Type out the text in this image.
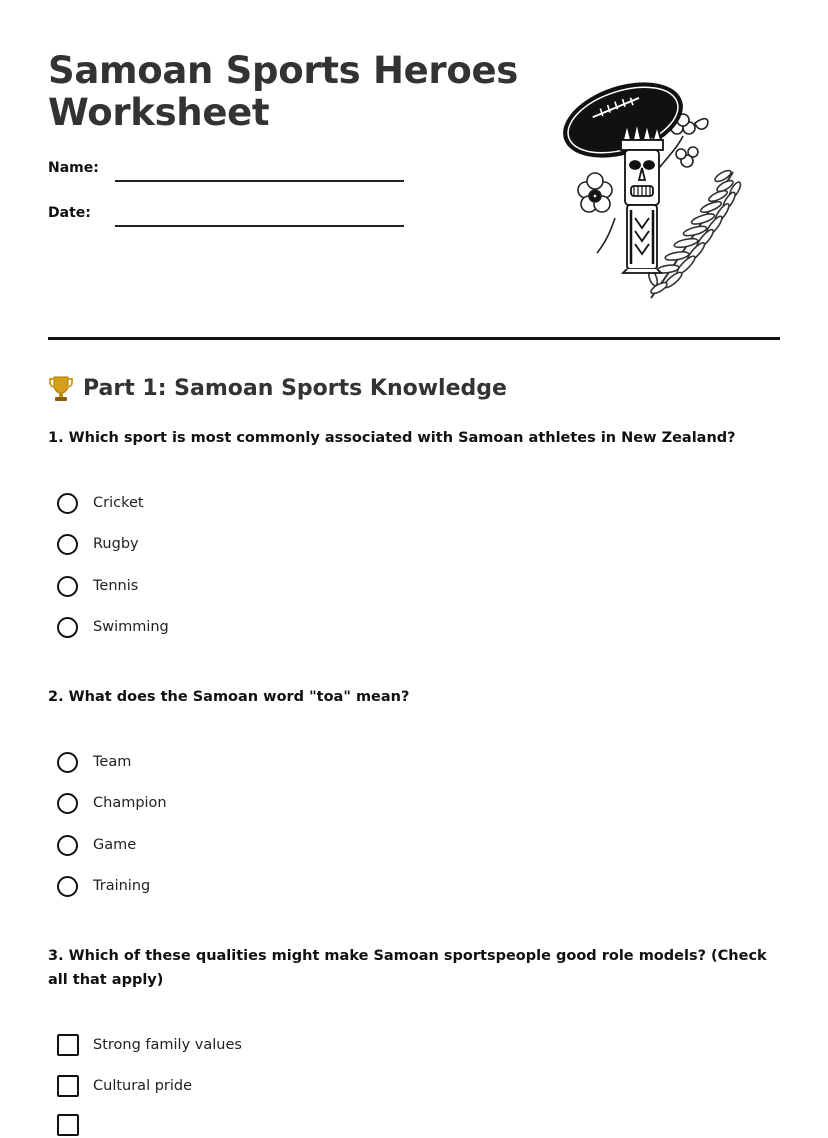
Samoan Sports Heroes
Worksheet
Name:
Date:
Part 1: Samoan Sports Knowledge

1. Which sport is most commonly associated with Samoan athletes in New Zealand?

Cricket
Rugby
Tennis
Swimming

2. What does the Samoan word "toa" mean?

Team
Champion
Game
Training

3. Which of these qualities might make Samoan sportspeople good role models? (Check all that apply)

Strong family values
Cultural pride
